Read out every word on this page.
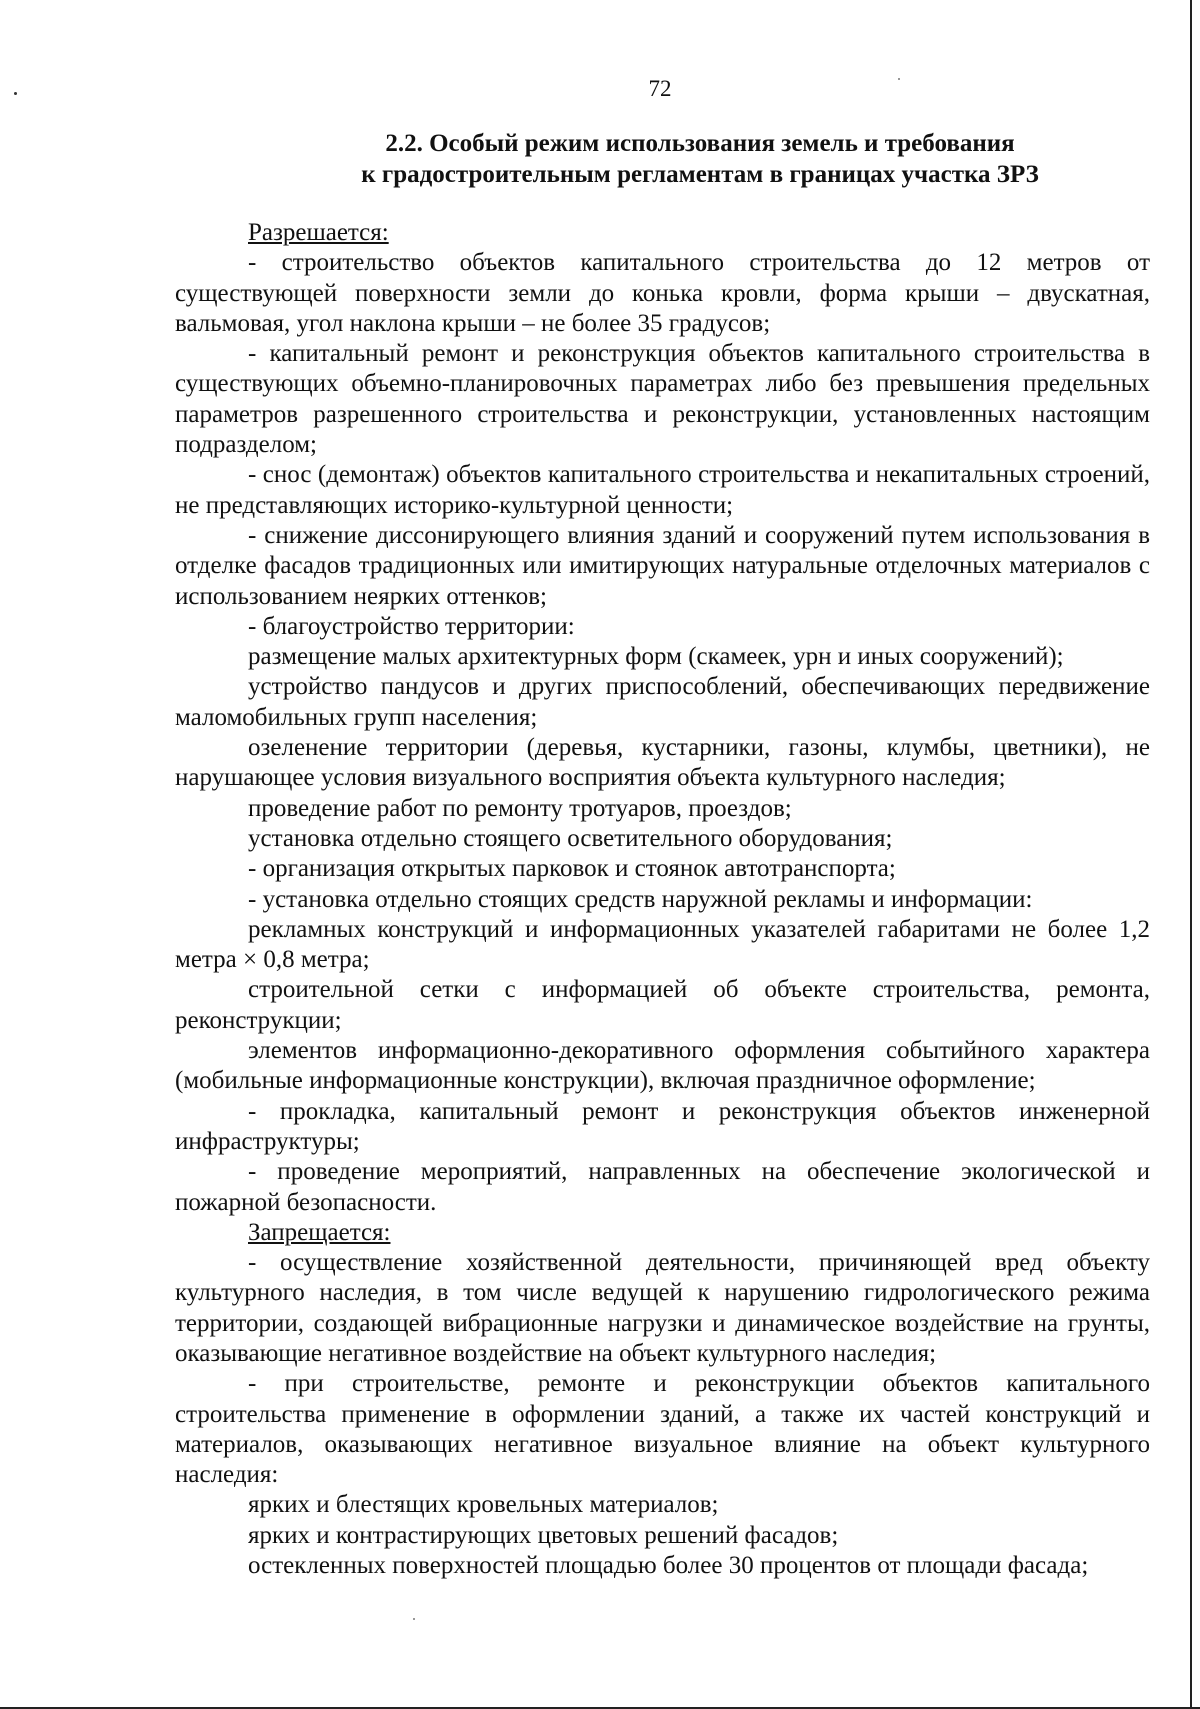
72
2.2. Особый режим использования земель и требования
к градостроительным регламентам в границах участка ЗРЗ

Разрешается:

- строительство объектов капитального строительства до 12 метров от существующей поверхности земли до конька кровли, форма крыши – двускатная, вальмовая, угол наклона крыши – не более 35 градусов;

- капитальный ремонт и реконструкция объектов капитального строительства в существующих объемно-планировочных параметрах либо без превышения предельных параметров разрешенного строительства и реконструкции, установленных настоящим подразделом;

- снос (демонтаж) объектов капитального строительства и некапитальных строений, не представляющих историко-культурной ценности;

- снижение диссонирующего влияния зданий и сооружений путем использования в отделке фасадов традиционных или имитирующих натуральные отделочных материалов с использованием неярких оттенков;

- благоустройство территории:

размещение малых архитектурных форм (скамеек, урн и иных сооружений);

устройство пандусов и других приспособлений, обеспечивающих передвижение маломобильных групп населения;

озеленение территории (деревья, кустарники, газоны, клумбы, цветники), не нарушающее условия визуального восприятия объекта культурного наследия;

проведение работ по ремонту тротуаров, проездов;

установка отдельно стоящего осветительного оборудования;

- организация открытых парковок и стоянок автотранспорта;

- установка отдельно стоящих средств наружной рекламы и информации:

рекламных конструкций и информационных указателей габаритами не более 1,2 метра × 0,8 метра;

строительной сетки с информацией об объекте строительства, ремонта, реконструкции;

элементов информационно-декоративного оформления событийного характера (мобильные информационные конструкции), включая праздничное оформление;

- прокладка, капитальный ремонт и реконструкция объектов инженерной инфраструктуры;

- проведение мероприятий, направленных на обеспечение экологической и пожарной безопасности.

Запрещается:

- осуществление хозяйственной деятельности, причиняющей вред объекту культурного наследия, в том числе ведущей к нарушению гидрологического режима территории, создающей вибрационные нагрузки и динамическое воздействие на грунты, оказывающие негативное воздействие на объект культурного наследия;

- при строительстве, ремонте и реконструкции объектов капитального строительства применение в оформлении зданий, а также их частей конструкций и материалов, оказывающих негативное визуальное влияние на объект культурного наследия:

ярких и блестящих кровельных материалов;

ярких и контрастирующих цветовых решений фасадов;

остекленных поверхностей площадью более 30 процентов от площади фасада;
